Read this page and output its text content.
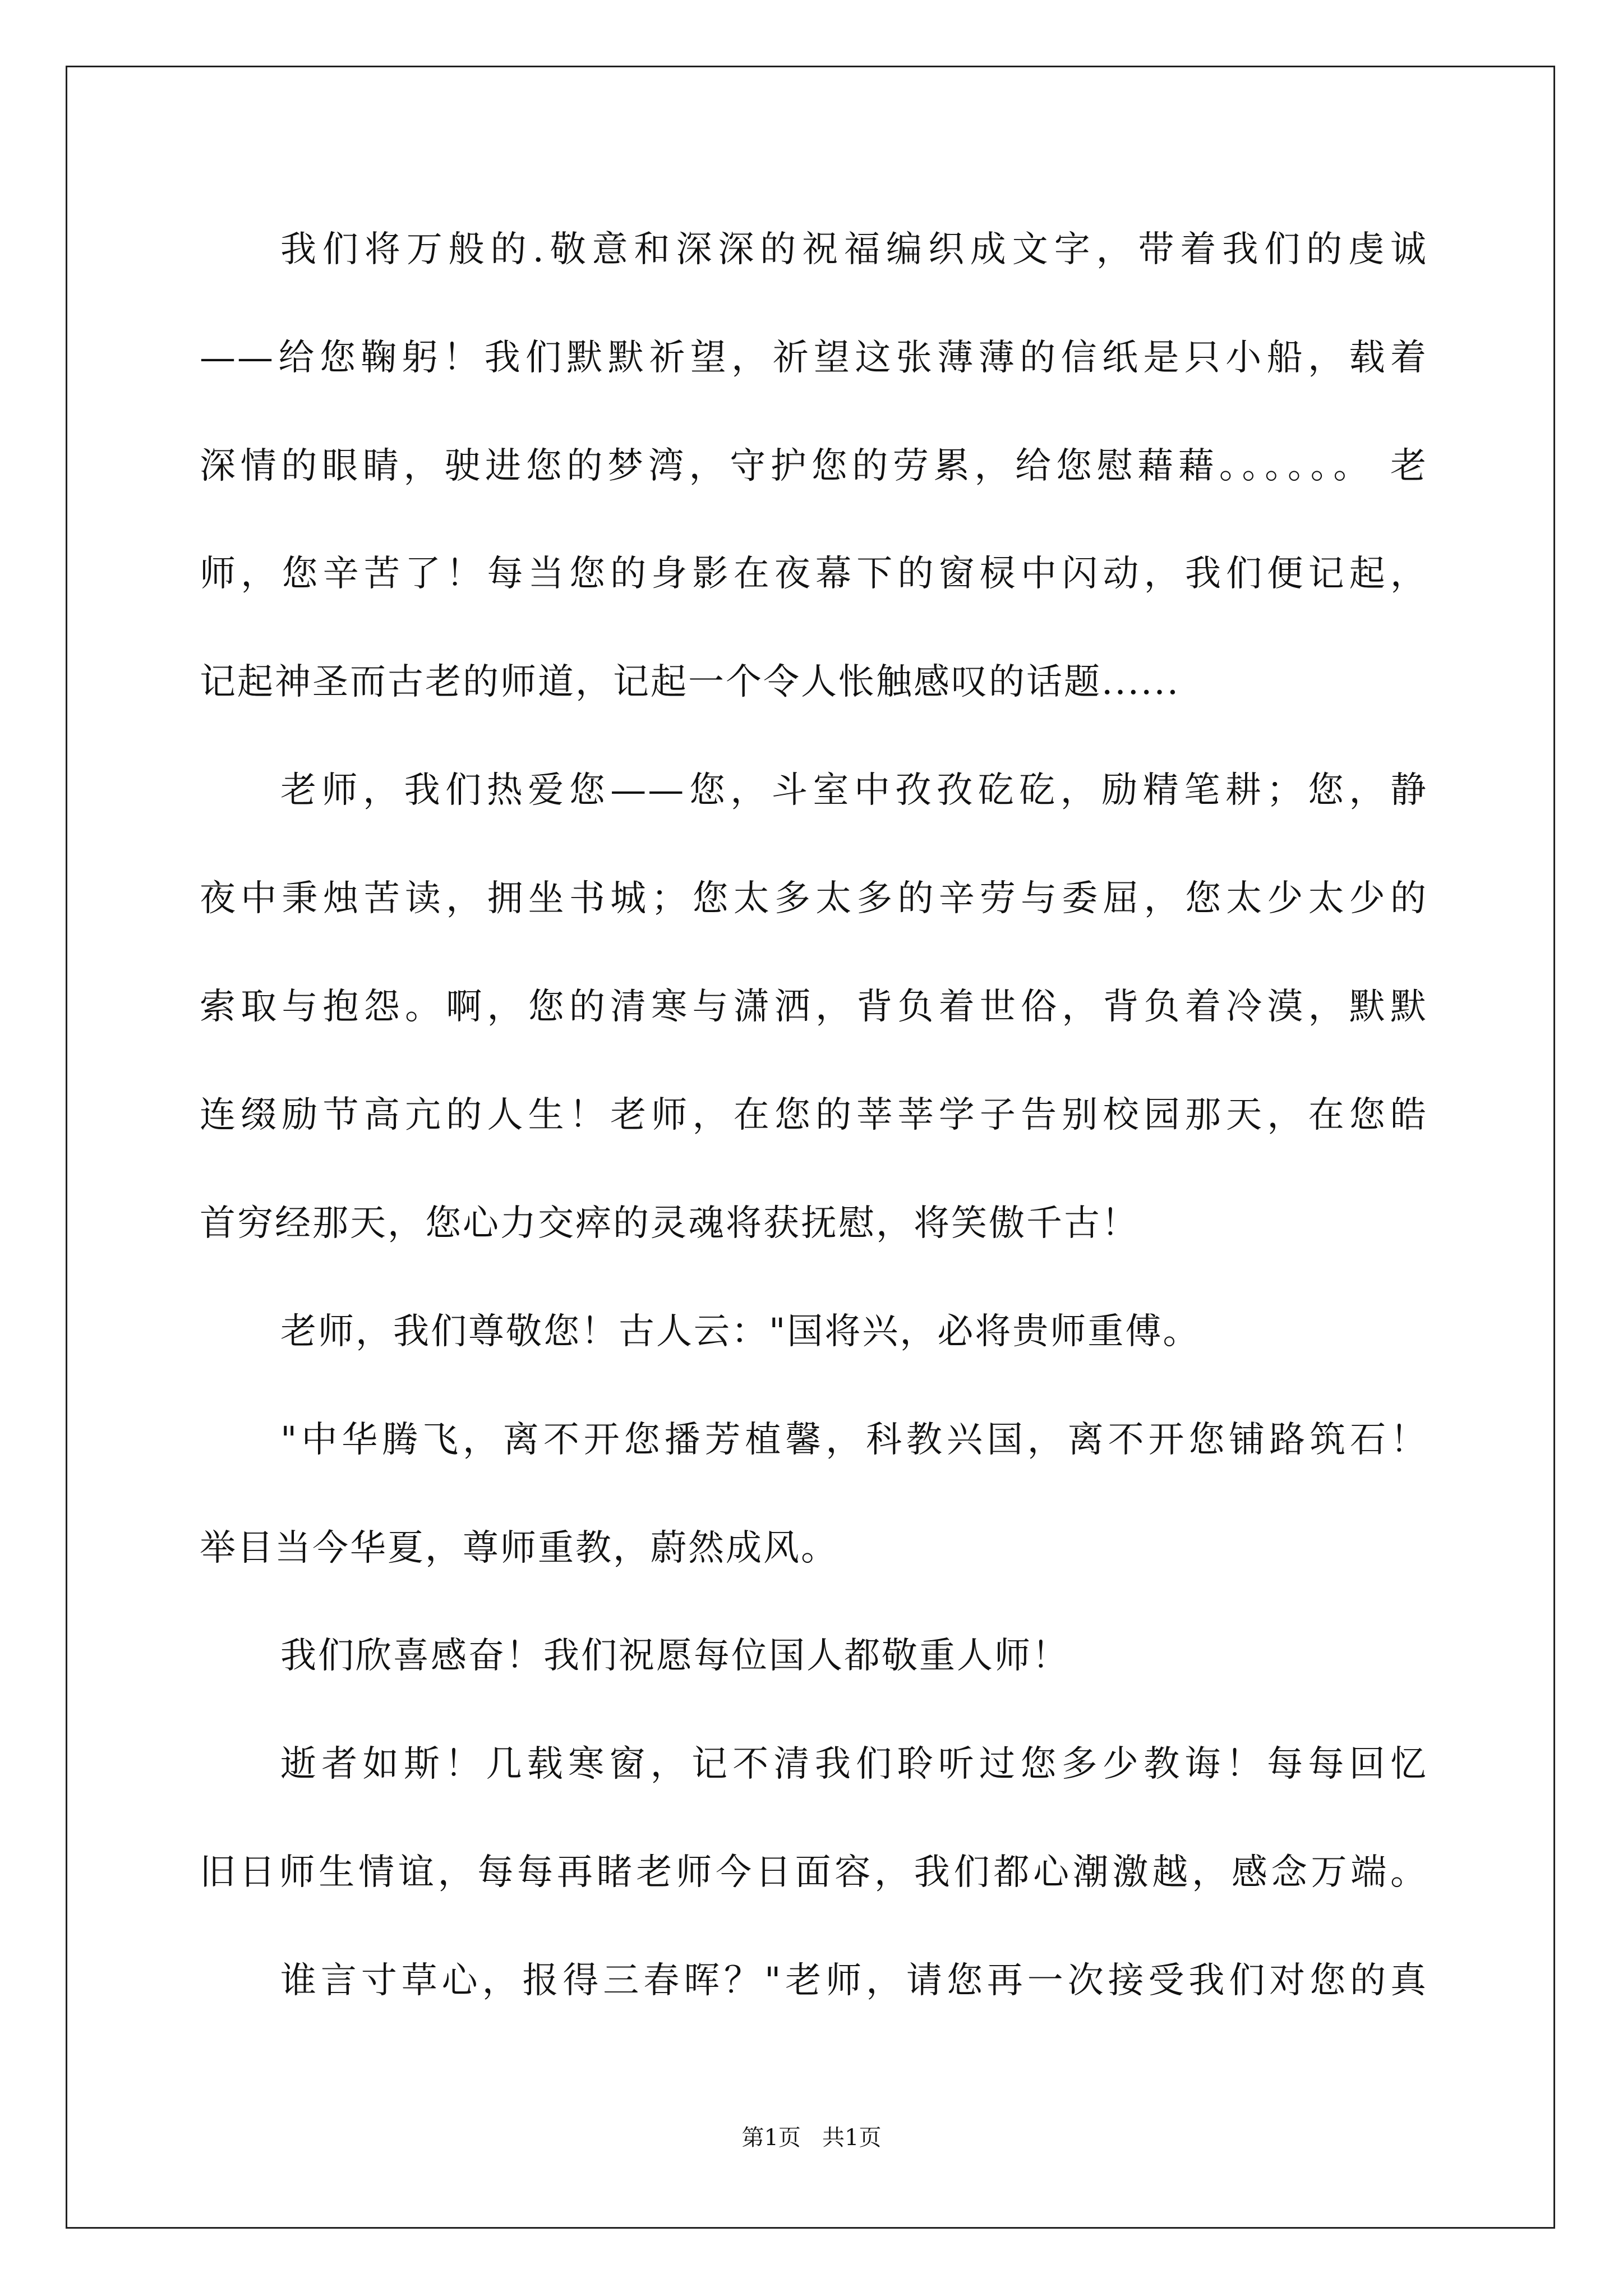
我们将万般的.敬意和深深的祝福编织成文字，带着我们的虔诚
——给您鞠躬！我们默默祈望，祈望这张薄薄的信纸是只小船，载着
深情的眼睛，驶进您的梦湾，守护您的劳累，给您慰藉藉。。。。。。 老
师，您辛苦了！每当您的身影在夜幕下的窗棂中闪动，我们便记起，
记起神圣而古老的师道，记起一个令人怅触感叹的话题......
老师，我们热爱您——您，斗室中孜孜矻矻，励精笔耕；您，静
夜中秉烛苦读，拥坐书城；您太多太多的辛劳与委屈，您太少太少的
索取与抱怨。啊，您的清寒与潇洒，背负着世俗，背负着冷漠，默默
连缀励节高亢的人生！老师，在您的莘莘学子告别校园那天，在您皓
首穷经那天，您心力交瘁的灵魂将获抚慰，将笑傲千古！
老师，我们尊敬您！古人云："国将兴，必将贵师重傅。
"中华腾飞，离不开您播芳植馨，科教兴国，离不开您铺路筑石！
举目当今华夏，尊师重教，蔚然成风。
我们欣喜感奋！我们祝愿每位国人都敬重人师！
逝者如斯！几载寒窗，记不清我们聆听过您多少教诲！每每回忆
旧日师生情谊，每每再睹老师今日面容，我们都心潮激越，感念万端。
谁言寸草心，报得三春晖？"老师，请您再一次接受我们对您的真
第1页   共1页
